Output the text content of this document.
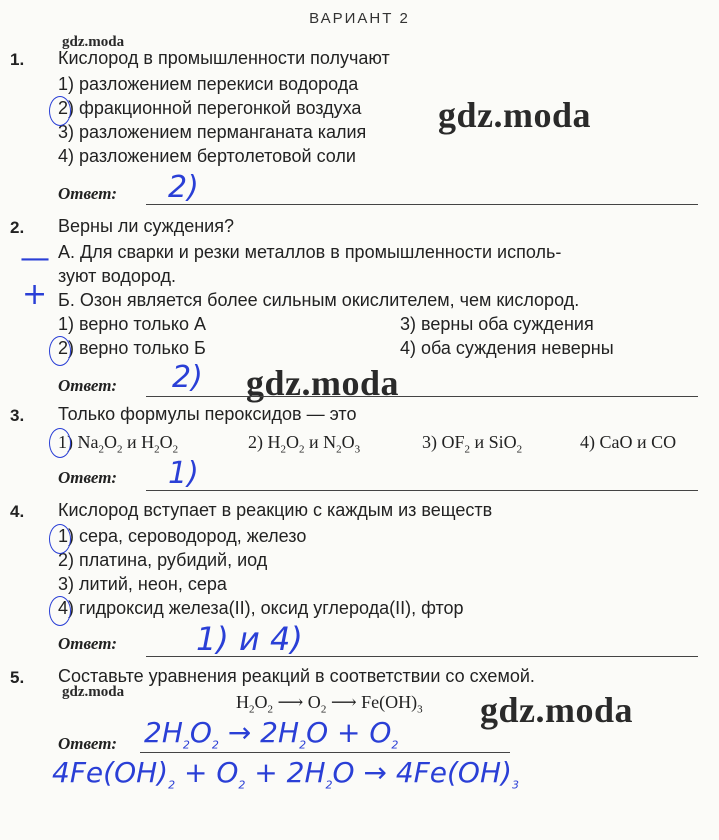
ВАРИАНТ 2
gdz.moda
gdz.moda
gdz.moda
gdz.moda	gdz.moda
1. Кислород в промышленности получают
1) разложением перекиси водорода
2) фракционной перегонкой воздуха
3) разложением перманганата калия
4) разложением бертолетовой соли
Ответ: 2)
2. Верны ли суждения?
А. Для сварки и резки металлов в промышленности исполь-
зуют водород.
Б. Озон является более сильным окислителем, чем кислород.
—
+
1) верно только А	3) верны оба суждения
2) верно только Б	4) оба суждения неверны
Ответ: 2)
3. Только формулы пероксидов — это
1) $Na_2O_2$ и $H_2O_2$	2) $H_2O_2$ и $N_2O_3$	3) $OF_2$ и SiO$_2$	4) CaO и CO
Ответ: 1)
4. Кислород вступает в реакцию с каждым из веществ
1) сера, сероводород, железо
2) платина, рубидий, иод
3) литий, неон, сера
4) гидроксид железа(II), оксид углерода(II), фтор
Ответ: 1) и 4)
5. Составьте уравнения реакций в соответствии со схемой.
$H_2O_2$ ⟶ $O_2$ ⟶ $Fe(OH)_3$
Ответ: $2H_2O_2 \to 2H_2O + O_2$
$4Fe(OH)_2 + O_2 + 2H_2O \to 4Fe(OH)_3$
